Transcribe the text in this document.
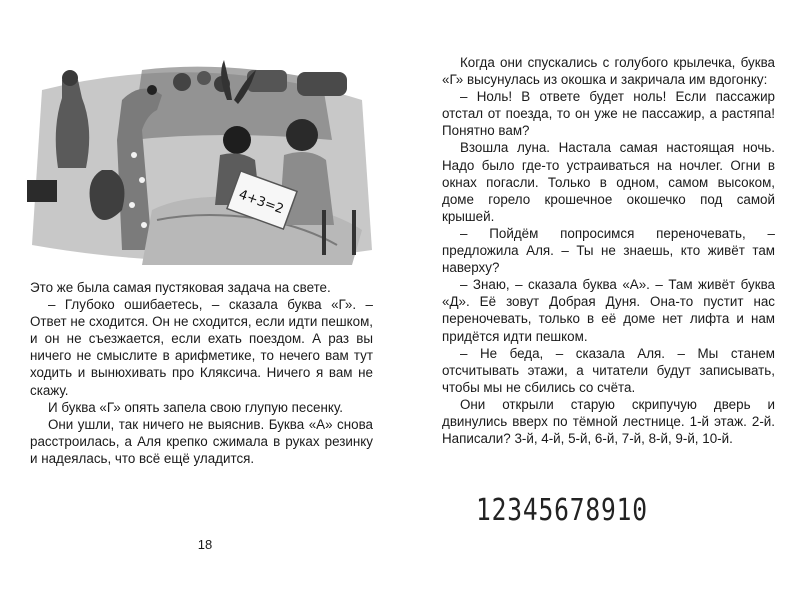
4+3=2

Это же была самая пустяковая задача на свете.

– Глубоко ошибаетесь, – сказала буква «Г». – Ответ не сходится. Он не сходится, если идти пешком, и он не съезжается, если ехать поездом. А раз вы ничего не смыслите в арифметике, то нечего вам тут ходить и вынюхивать про Кляксича. Ничего я вам не скажу.

И буква «Г» опять запела свою глупую песенку.

Они ушли, так ничего не выяснив. Буква «А» снова расстроилась, а Аля крепко сжимала в руках резинку и надеялась, что всё ещё уладится.

18

Когда они спускались с голубого крылечка, буква «Г» высунулась из окошка и закричала им вдогонку:

– Ноль! В ответе будет ноль! Если пассажир отстал от поезда, то он уже не пассажир, а растяпа! Понятно вам?

Взошла луна. Настала самая настоящая ночь. Надо было где-то устраиваться на ночлег. Огни в окнах погасли. Только в одном, самом высоком, доме горело крошечное окошечко под самой крышей.

– Пойдём попросимся переночевать, – предложила Аля. – Ты не знаешь, кто живёт там наверху?

– Знаю, – сказала буква «А». – Там живёт буква «Д». Её зовут Добрая Дуня. Она-то пустит нас переночевать, только в её доме нет лифта и нам придётся идти пешком.

– Не беда, – сказала Аля. – Мы станем отсчитывать этажи, а читатели будут записывать, чтобы мы не сбились со счёта.

Они открыли старую скрипучую дверь и двинулись вверх по тёмной лестнице. 1-й этаж. 2-й. Написали? 3-й, 4-й, 5-й, 6-й, 7-й, 8-й, 9-й, 10-й.

12345678910
